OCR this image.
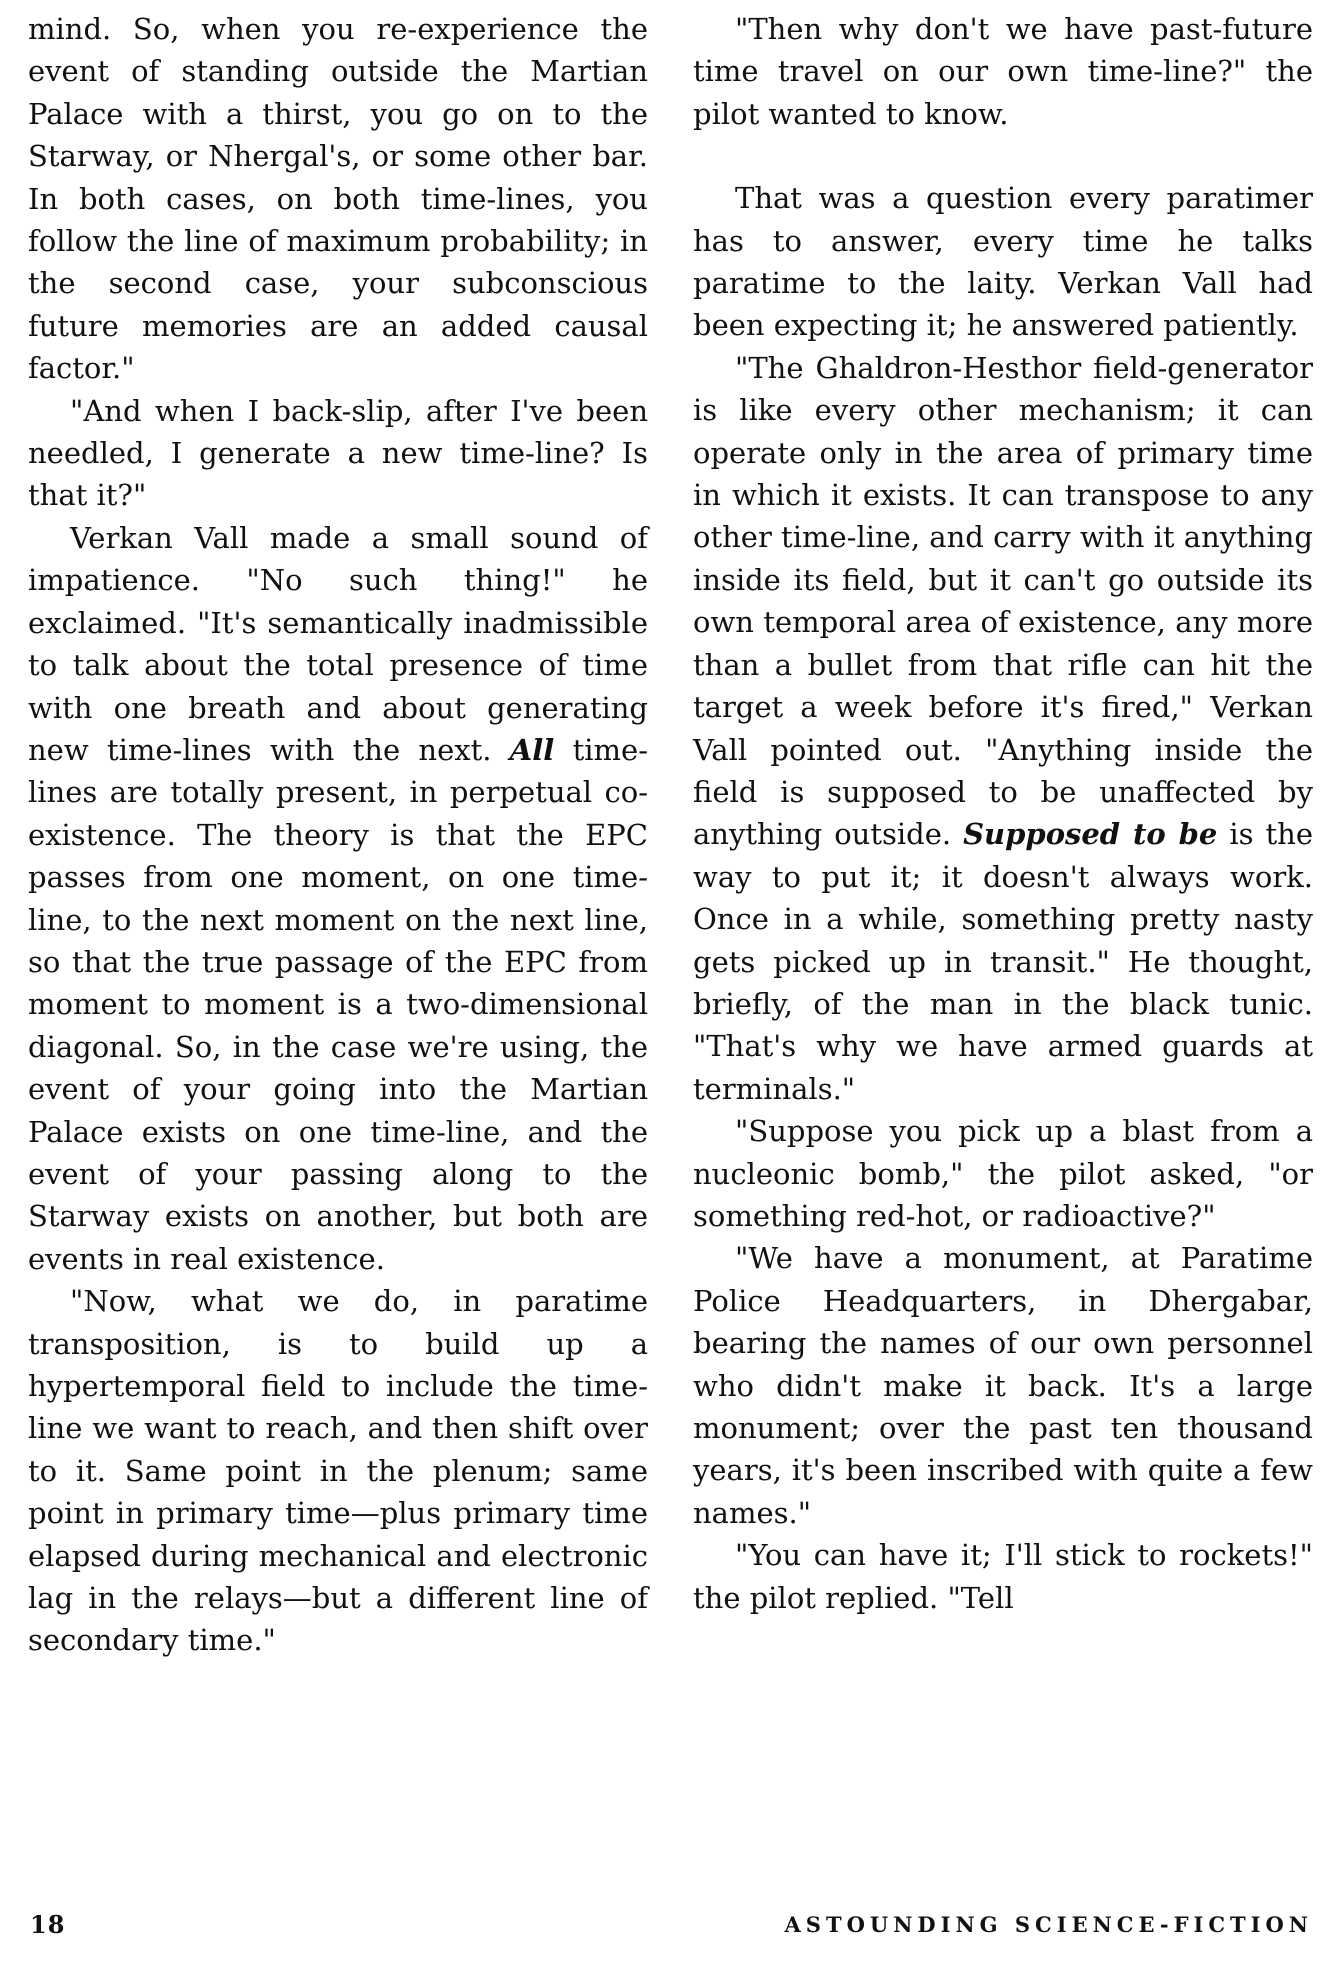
mind. So, when you re-experience the event of standing outside the Martian Palace with a thirst, you go on to the Starway, or Nhergal's, or some other bar. In both cases, on both time-lines, you follow the line of maximum probability; in the second case, your subconscious future memories are an added causal factor."

"And when I back-slip, after I've been needled, I generate a new time-line? Is that it?"

Verkan Vall made a small sound of impatience. "No such thing!" he exclaimed. "It's semantically inadmissible to talk about the total presence of time with one breath and about generating new time-lines with the next. All time-lines are totally present, in perpetual co-existence. The theory is that the EPC passes from one moment, on one time-line, to the next moment on the next line, so that the true passage of the EPC from moment to moment is a two-dimensional diagonal. So, in the case we're using, the event of your going into the Martian Palace exists on one time-line, and the event of your passing along to the Starway exists on another, but both are events in real existence.

"Now, what we do, in paratime transposition, is to build up a hypertemporal field to include the time-line we want to reach, and then shift over to it. Same point in the plenum; same point in primary time—plus primary time elapsed during mechanical and electronic lag in the relays—but a different line of secondary time."

"Then why don't we have past-future time travel on our own time-line?" the pilot wanted to know.

That was a question every paratimer has to answer, every time he talks paratime to the laity. Verkan Vall had been expecting it; he answered patiently.

"The Ghaldron-Hesthor field-generator is like every other mechanism; it can operate only in the area of primary time in which it exists. It can transpose to any other time-line, and carry with it anything inside its field, but it can't go outside its own temporal area of existence, any more than a bullet from that rifle can hit the target a week before it's fired," Verkan Vall pointed out. "Anything inside the field is supposed to be unaffected by anything outside. Supposed to be is the way to put it; it doesn't always work. Once in a while, something pretty nasty gets picked up in transit." He thought, briefly, of the man in the black tunic. "That's why we have armed guards at terminals."

"Suppose you pick up a blast from a nucleonic bomb," the pilot asked, "or something red-hot, or radioactive?"

"We have a monument, at Paratime Police Headquarters, in Dhergabar, bearing the names of our own personnel who didn't make it back. It's a large monument; over the past ten thousand years, it's been inscribed with quite a few names."

"You can have it; I'll stick to rockets!" the pilot replied. "Tell

18	ASTOUNDING SCIENCE-FICTION
